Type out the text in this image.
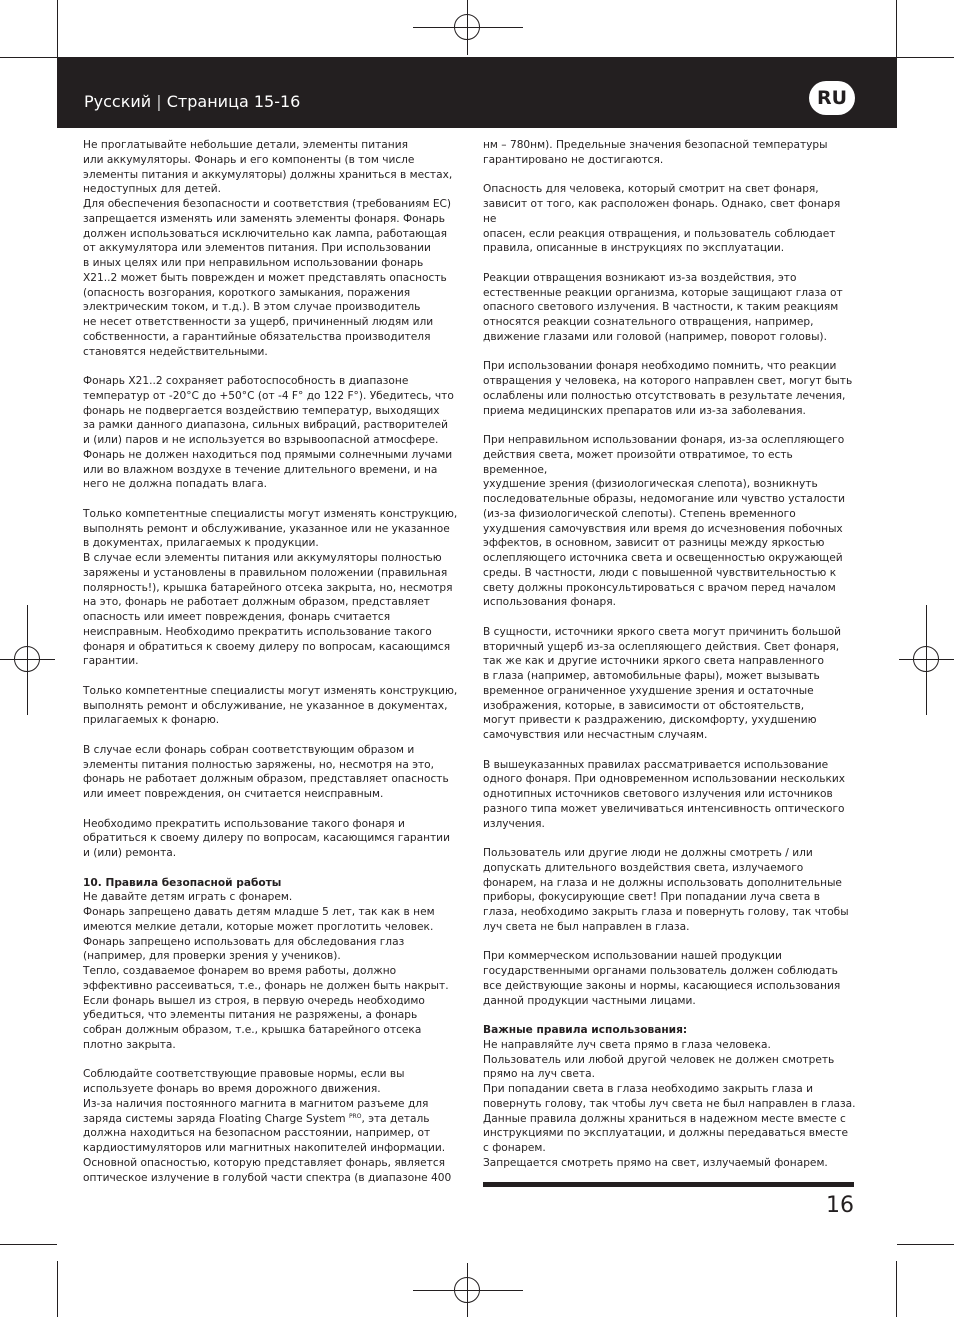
Русский | Страница 15-16	RU

Не проглатывайте небольшие детали, элементы питания
или аккумуляторы. Фонарь и его компоненты (в том числе
элементы питания и аккумуляторы) должны храниться в местах,
недоступных для детей.
Для обеспечения безопасности и соответствия (требованиям ЕС)
запрещается изменять или заменять элементы фонаря. Фонарь
должен использоваться исключительно как лампа, работающая
от аккумулятора или элементов питания. При использовании
в иных целях или при неправильном использовании фонарь
X21..2 может быть поврежден и может представлять опасность
(опасность возгорания, короткого замыкания, поражения
электрическим током, и т.д.). В этом случае производитель
не несет ответственности за ущерб, причиненный людям или
собственности, а гарантийные обязательства производителя
становятся недействительными.

Фонарь X21..2 сохраняет работоспособность в диапазоне
температур от -20°C до +50°C (от -4 F° до 122 F°). Убедитесь, что
фонарь не подвергается воздействию температур, выходящих
за рамки данного диапазона, сильных вибраций, растворителей
и (или) паров и не используется во взрывоопасной атмосфере.
Фонарь не должен находиться под прямыми солнечными лучами
или во влажном воздухе в течение длительного времени, и на
него не должна попадать влага.

Только компетентные специалисты могут изменять конструкцию,
выполнять ремонт и обслуживание, указанное или не указанное
в документах, прилагаемых к продукции.
В случае если элементы питания или аккумуляторы полностью
заряжены и установлены в правильном положении (правильная
полярность!), крышка батарейного отсека закрыта, но, несмотря
на это, фонарь не работает должным образом, представляет
опасность или имеет повреждения, фонарь считается
неисправным. Необходимо прекратить использование такого
фонаря и обратиться к своему дилеру по вопросам, касающимся
гарантии.

Только компетентные специалисты могут изменять конструкцию,
выполнять ремонт и обслуживание, не указанное в документах,
прилагаемых к фонарю.

В случае если фонарь собран соответствующим образом и
элементы питания полностью заряжены, но, несмотря на это,
фонарь не работает должным образом, представляет опасность
или имеет повреждения, он считается неисправным.

Необходимо прекратить использование такого фонаря и
обратиться к своему дилеру по вопросам, касающимся гарантии
и (или) ремонта.

10. Правила безопасной работы

Не давайте детям играть с фонарем.
Фонарь запрещено давать детям младше 5 лет, так как в нем
имеются мелкие детали, которые может проглотить человек.
Фонарь запрещено использовать для обследования глаз
(например, для проверки зрения у учеников).
Тепло, создаваемое фонарем во время работы, должно
эффективно рассеиваться, т.е., фонарь не должен быть накрыт.
Если фонарь вышел из строя, в первую очередь необходимо
убедиться, что элементы питания не разряжены, а фонарь
собран должным образом, т.е., крышка батарейного отсека
плотно закрыта.

Соблюдайте соответствующие правовые нормы, если вы
используете фонарь во время дорожного движения.
Из-за наличия постоянного магнита в магнитом разъеме для
заряда системы заряда Floating Charge System $^{PRO}$, эта деталь
должна находиться на безопасном расстоянии, например, от
кардиостимуляторов или магнитных накопителей информации.
Основной опасностью, которую представляет фонарь, является
оптическое излучение в голубой части спектра (в диапазоне 400

нм – 780нм). Предельные значения безопасной температуры
гарантировано не достигаются.

Опасность для человека, который смотрит на свет фонаря,
зависит от того, как расположен фонарь. Однако, свет фонаря не
опасен, если реакция отвращения, и пользователь соблюдает
правила, описанные в инструкциях по эксплуатации.

Реакции отвращения возникают из-за воздействия, это
естественные реакции организма, которые защищают глаза от
опасного светового излучения. В частности, к таким реакциям
относятся реакции сознательного отвращения, например,
движение глазами или головой (например, поворот головы).

При использовании фонаря необходимо помнить, что реакции
отвращения у человека, на которого направлен свет, могут быть
ослаблены или полностью отсутствовать в результате лечения,
приема медицинских препаратов или из-за заболевания.

При неправильном использовании фонаря, из-за ослепляющего
действия света, может произойти отвратимое, то есть временное,
ухудшение зрения (физиологическая слепота), возникнуть
последовательные образы, недомогание или чувство усталости
(из-за физиологической слепоты). Степень временного
ухудшения самочувствия или время до исчезновения побочных
эффектов, в основном, зависит от разницы между яркостью
ослепляющего источника света и освещенностью окружающей
среды. В частности, люди с повышенной чувствительностью к
свету должны проконсультироваться с врачом перед началом
использования фонаря.

В сущности, источники яркого света могут причинить большой
вторичный ущерб из-за ослепляющего действия. Свет фонаря,
так же как и другие источники яркого света направленного
в глаза (например, автомобильные фары), может вызывать
временное ограниченное ухудшение зрения и остаточные
изображения, которые, в зависимости от обстоятельств,
могут привести к раздражению, дискомфорту, ухудшению
самочувствия или несчастным случаям.

В вышеуказанных правилах рассматривается использование
одного фонаря. При одновременном использовании нескольких
однотипных источников светового излучения или источников
разного типа может увеличиваться интенсивность оптического
излучения.

Пользователь или другие люди не должны смотреть / или
допускать длительного воздействия света, излучаемого
фонарем, на глаза и не должны использовать дополнительные
приборы, фокусирующие свет! При попадании луча света в
глаза, необходимо закрыть глаза и повернуть голову, так чтобы
луч света не был направлен в глаза.

При коммерческом использовании нашей продукции
государственными органами пользователь должен соблюдать
все действующие законы и нормы, касающиеся использования
данной продукции частными лицами.

Важные правила использования:

Не направляйте луч света прямо в глаза человека.
Пользователь или любой другой человек не должен смотреть
прямо на луч света.
При попадании света в глаза необходимо закрыть глаза и
повернуть голову, так чтобы луч света не был направлен в глаза.
Данные правила должны храниться в надежном месте вместе с
инструкциями по эксплуатации, и должны передаваться вместе
с фонарем.
Запрещается смотреть прямо на свет, излучаемый фонарем.

16
